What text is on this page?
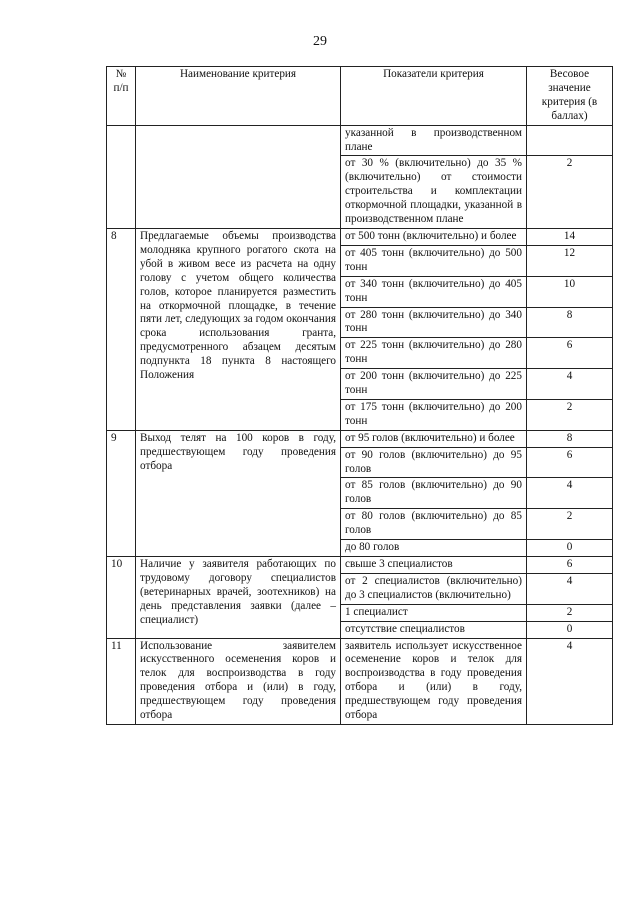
29
№ п/п	Наименование критерия	Показатели критерия	Весовое значение критерия (в баллах)
		указанной в производственном плане	
		от 30 % (включительно) до 35 % (включительно) от стоимости строительства и комплектации откормочной площадки, указанной в производственном плане	2
8	Предлагаемые объемы производства молодняка крупного рогатого скота на убой в живом весе из расчета на одну голову с учетом общего количества голов, которое планируется разместить на откормочной площадке, в течение пяти лет, следующих за годом окончания срока использования гранта, предусмотренного абзацем десятым подпункта 18 пункта 8 настоящего Положения	от 500 тонн (включительно) и более	14
		от 405 тонн (включительно) до 500 тонн	12
		от 340 тонн (включительно) до 405 тонн	10
		от 280 тонн (включительно) до 340 тонн	8
		от 225 тонн (включительно) до 280 тонн	6
		от 200 тонн (включительно) до 225 тонн	4
		от 175 тонн (включительно) до 200 тонн	2
9	Выход телят на 100 коров в году, предшествующем году проведения отбора	от 95 голов (включительно) и более	8
		от 90 голов (включительно) до 95 голов	6
		от 85 голов (включительно) до 90 голов	4
		от 80 голов (включительно) до 85 голов	2
		до 80 голов	0
10	Наличие у заявителя работающих по трудовому договору специалистов (ветеринарных врачей, зоотехников) на день представления заявки (далее – специалист)	свыше 3 специалистов	6
		от 2 специалистов (включительно) до 3 специалистов (включительно)	4
		1 специалист	2
		отсутствие специалистов	0
11	Использование заявителем искусственного осеменения коров и телок для воспроизводства в году проведения отбора и (или) в году, предшествующем году проведения отбора	заявитель использует искусственное осеменение коров и телок для воспроизводства в году проведения отбора и (или) в году, предшествующем году проведения отбора	4
